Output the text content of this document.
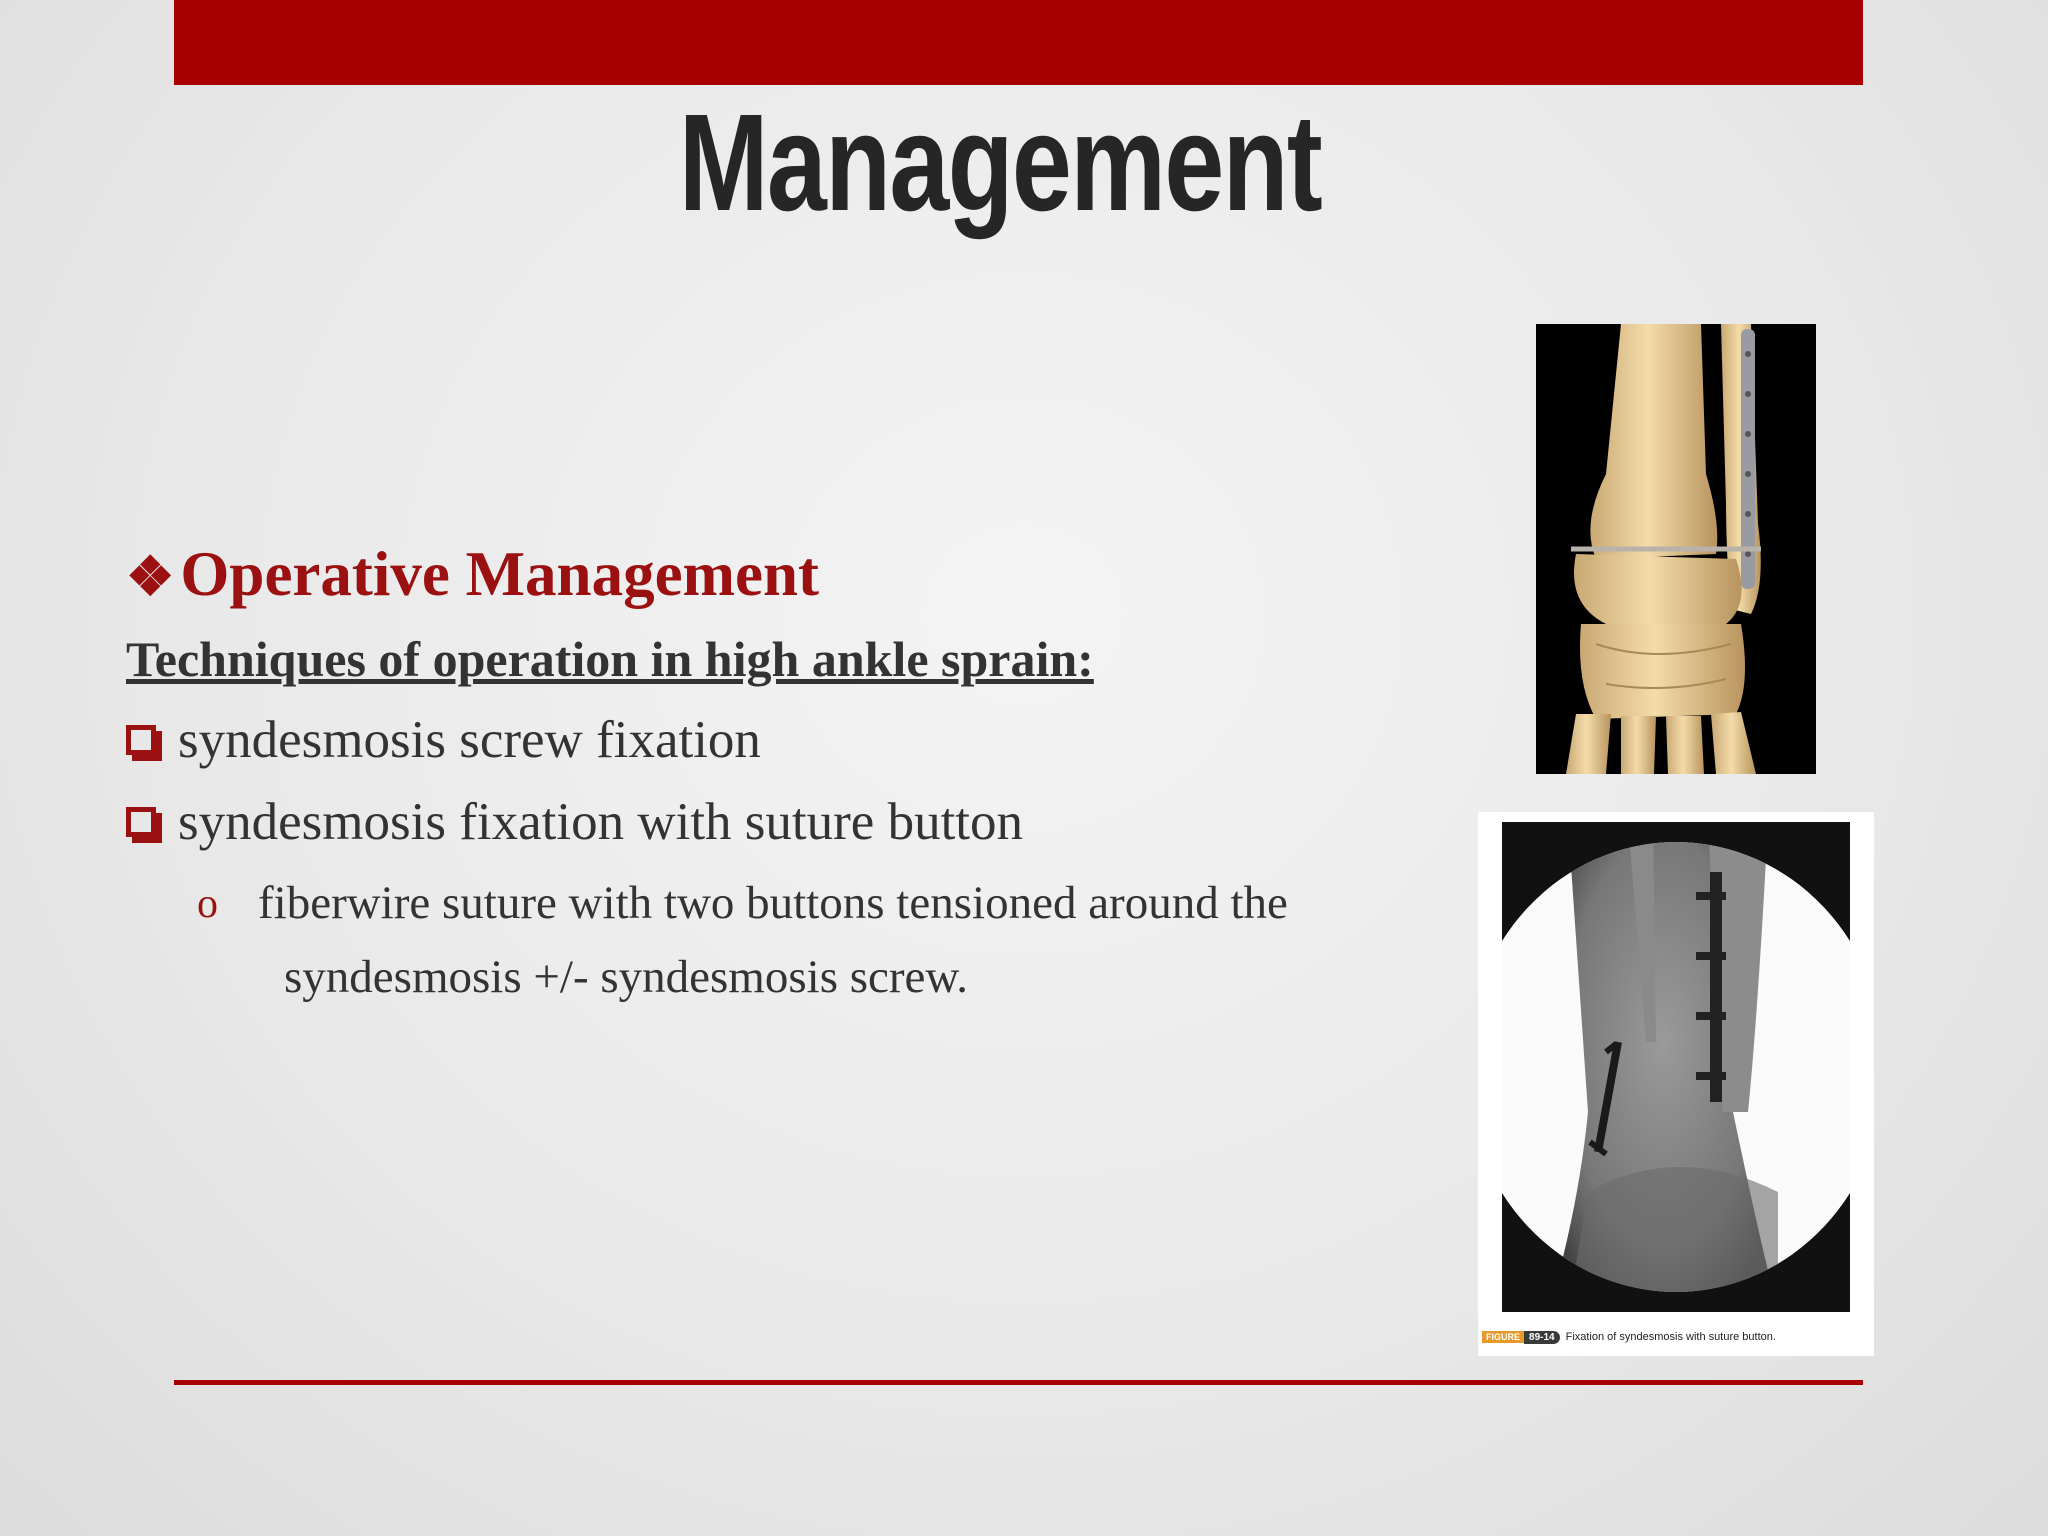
Management
❖Operative Management
Techniques of operation in high ankle sprain:
syndesmosis screw fixation
syndesmosis fixation with suture button
o fiberwire suture with two buttons tensioned around the
syndesmosis +/- syndesmosis screw.
FIGURE 89-14	Fixation of syndesmosis with suture button.
